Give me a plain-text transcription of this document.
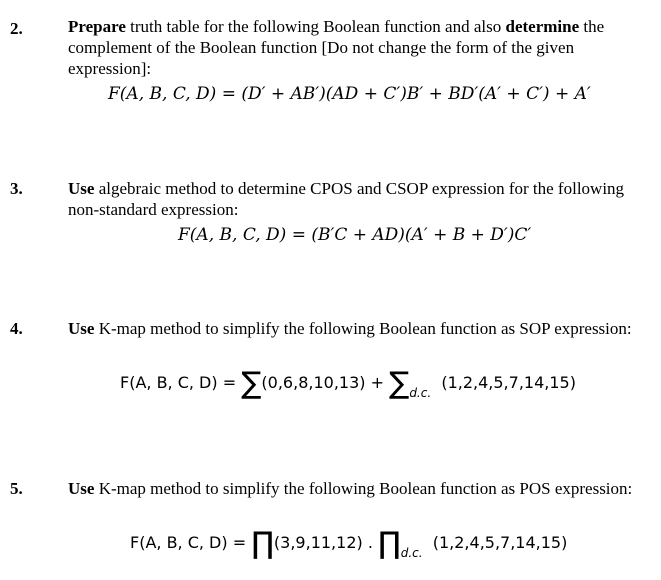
2.	Prepare truth table for the following Boolean function and also determine the complement of the Boolean function [Do not change the form of the given expression]:
F(A, B, C, D) = (D′ + AB′)(AD + C′)B′ + BD′(A′ + C′) + A′
3.	Use algebraic method to determine CPOS and CSOP expression for the following non-standard expression:
F(A, B, C, D) = (B′C + AD)(A′ + B + D′)C′
4.	Use K-map method to simplify the following Boolean function as SOP expression:
F(A, B, C, $D) = \sum(0,6,8,10,13) + \sum_{d.c.}$  (1,2,4,5,7,14,15)
5.	Use K-map method to simplify the following Boolean function as POS expression:
F(A, B, C, D) = ∏(3,9,11,12) . $\prod_{d.c.}$  (1,2,4,5,7,14,15)
